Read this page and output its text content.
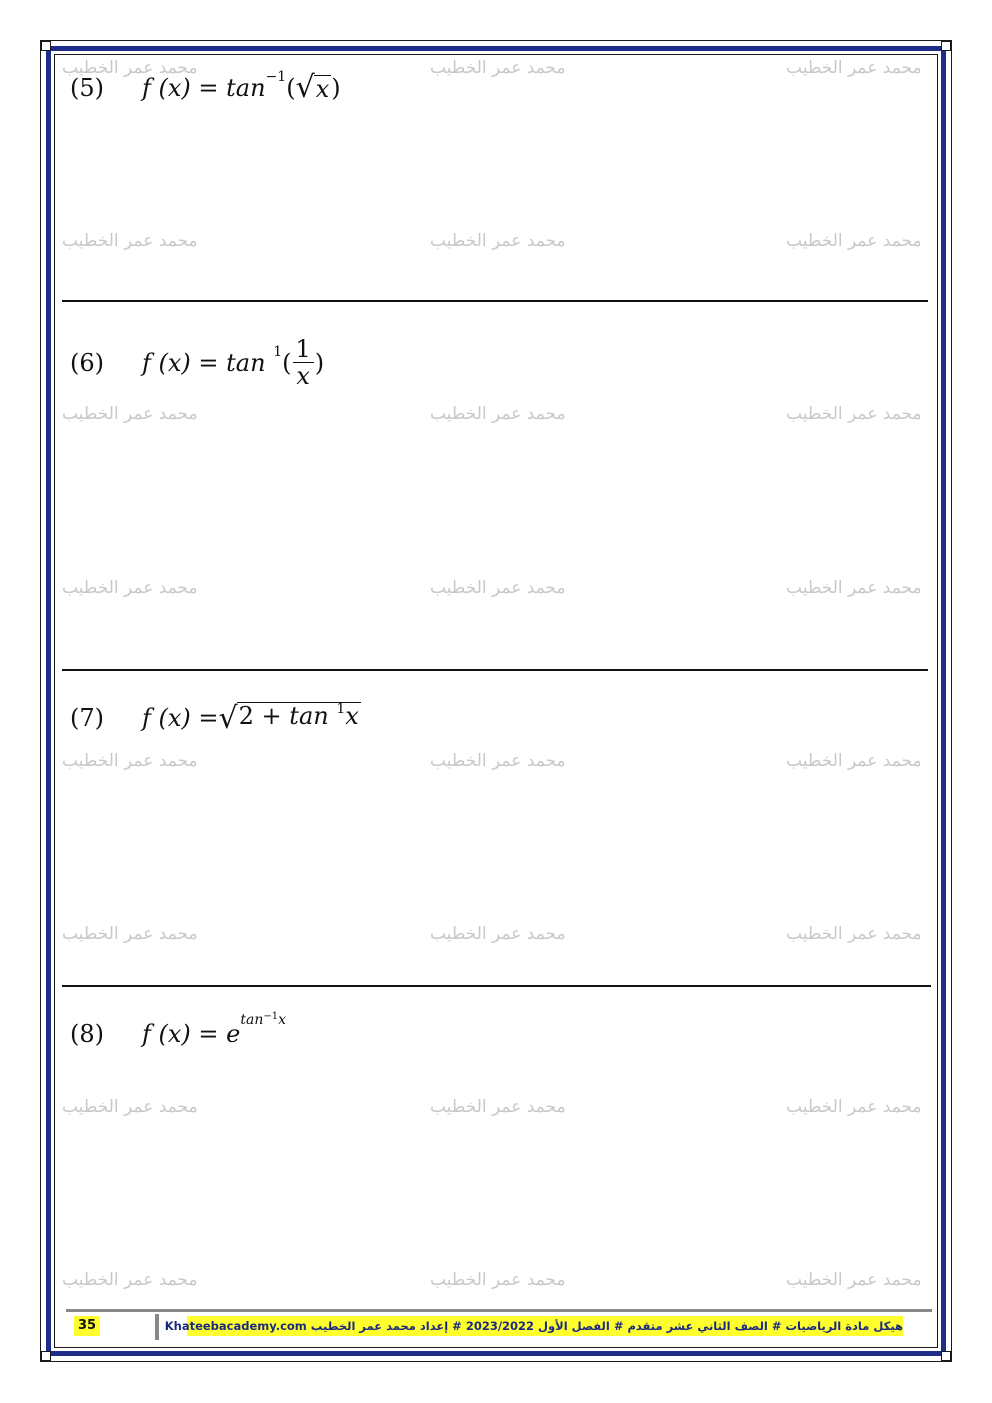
محمد عمر الخطيب	محمد عمر الخطيب	محمد عمر الخطيب
محمد عمر الخطيب	محمد عمر الخطيب	محمد عمر الخطيب
محمد عمر الخطيب	محمد عمر الخطيب	محمد عمر الخطيب
محمد عمر الخطيب	محمد عمر الخطيب	محمد عمر الخطيب
محمد عمر الخطيب	محمد عمر الخطيب	محمد عمر الخطيب
محمد عمر الخطيب	محمد عمر الخطيب	محمد عمر الخطيب
محمد عمر الخطيب	محمد عمر الخطيب	محمد عمر الخطيب
محمد عمر الخطيب	محمد عمر الخطيب	محمد عمر الخطيب
(5)	f (x) =
tan −1 ( √ x )
(6)	f (x) =
tan
1 ( $\frac{1}{x}$ )
(7)	f (x) = √ 2 + tan $^1$x
(8)	f (x) =
e $\tan^{-1}x$
35	هيكل مادة الرياضيات # الصف الثاني عشر متقدم # الفصل الأول 2023/2022 # إعداد محمد عمر الخطيب Khateebacademy.com
